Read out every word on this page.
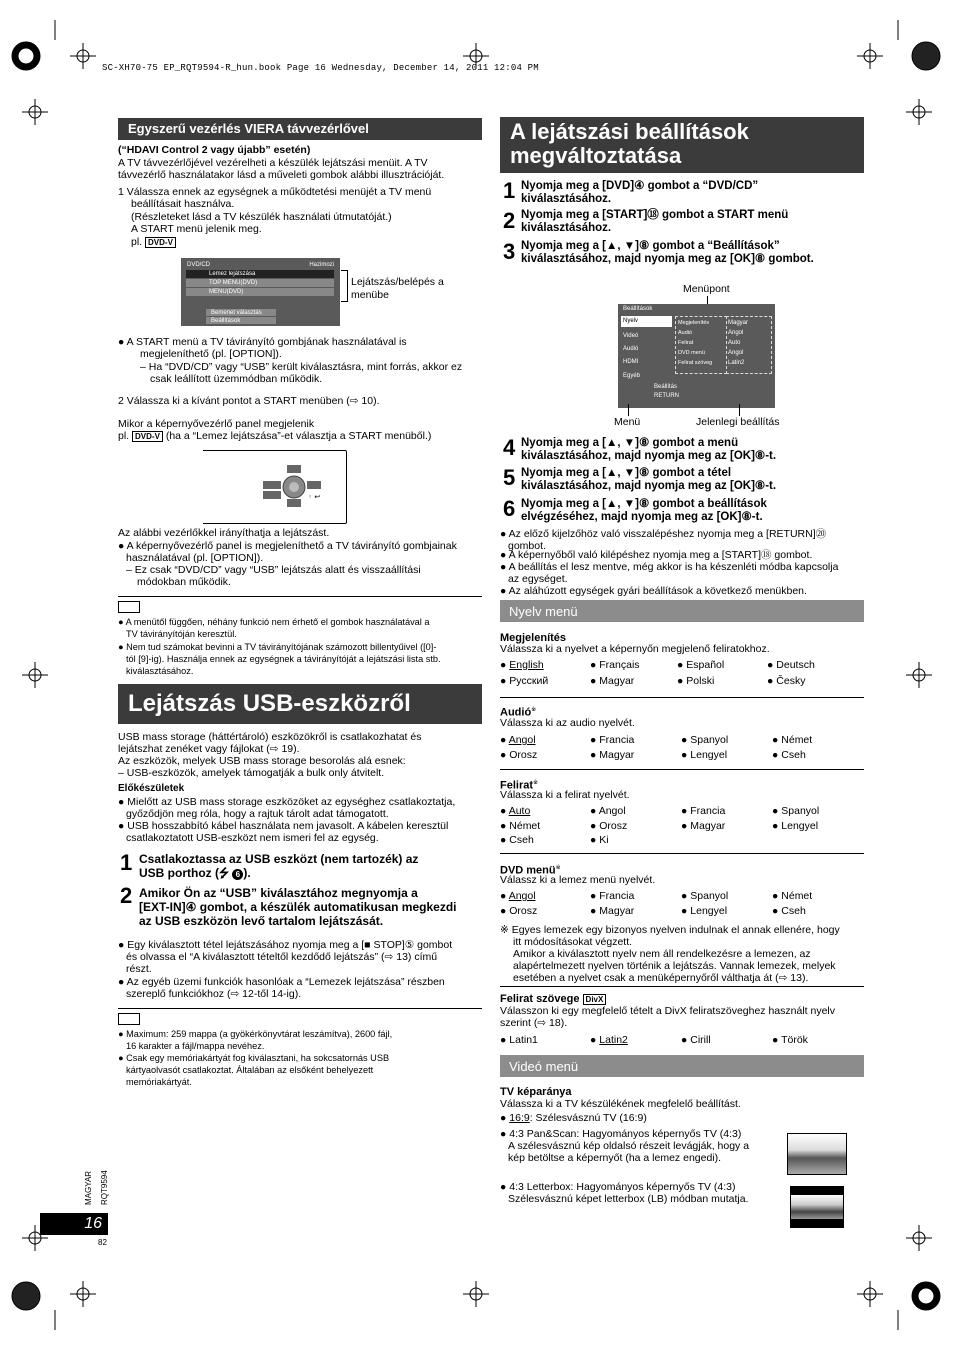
SC-XH70-75 EP_RQT9594-R_hun.book Page 16 Wednesday, December 14, 2011 12:04 PM
Egyszerű vezérlés VIERA távvezérlővel
(“HDAVI Control 2 vagy újabb” esetén)
A TV távvezérlőjével vezérelheti a készülék lejátszási menüit. A TV
távvezérlő használatakor lásd a műveleti gombok alábbi illusztrációját.
1 Válassza ennek az egységnek a működtetési menüjét a TV menü
beállításait használva.
(Részleteket lásd a TV készülék használati útmutatóját.)
A START menü jelenik meg.
pl. DVD-V
DVD/CD	Hazimozi
Lemez lejátszása
TOP MENU(DVD)
MENU(DVD)
Bemenet választás
Beállítások
Lejátszás/belépés a
menübe
● A START menü a TV távirányító gombjának használatával is
megjeleníthető (pl. [OPTION]).
– Ha “DVD/CD” vagy “USB” került kiválasztásra, mint forrás, akkor ez
csak leállított üzemmódban működik.
2 Válassza ki a kívánt pontot a START menüben (⇨ 10).
Mikor a képernyővezérlő panel megjelenik
pl. DVD-V (ha a “Lemez lejátszása”-et választja a START menüből.)
◦ ↩
Az alábbi vezérlőkkel irányíthatja a lejátszást.
● A képernyővezérlő panel is megjeleníthető a TV távirányító gombjainak
használatával (pl. [OPTION]).
– Ez csak “DVD/CD” vagy “USB” lejátszás alatt és visszaállítási
módokban működik.
● A menütől függően, néhány funkció nem érhető el gombok használatával a
TV távirányítóján keresztül.
● Nem tud számokat bevinni a TV távirányítójának számozott billentyűivel ([0]-
tól [9]-ig). Használja ennek az egységnek a távirányítóját a lejátszási lista stb.
kiválasztásához.
Lejátszás USB-eszközről
USB mass storage (háttértároló) eszközökről is csatlakozhatat és
lejátszhat zenéket vagy fájlokat (⇨ 19).
Az eszközök, melyek USB mass storage besorolás alá esnek:
– USB-eszközök, amelyek támogatják a bulk only átvitelt.
Előkészületek
● Mielőtt az USB mass storage eszközöket az egységhez csatlakoztatja,
győződjön meg róla, hogy a rajtuk tárolt adat támogatott.
● USB hosszabbító kábel használata nem javasolt. A kábelen keresztül
csatlakoztatott USB-eszközt nem ismeri fel az egység.
1 Csatlakoztassa az USB eszközt (nem tartozék) az
USB porthoz (⭍ 6 ).
2 Amikor Ön az “USB” kiválasztához megnyomja a
[EXT-IN]④ gombot, a készülék automatikusan megkezdi
az USB eszközön levő tartalom lejátszását.
● Egy kiválasztott tétel lejátszásához nyomja meg a [■ STOP]⑤ gombot
és olvassa el “A kiválasztott tételtől kezdődő lejátszás” (⇨ 13) című
részt.
● Az egyéb üzemi funkciók hasonlóak a “Lemezek lejátszása” részben
szereplő funkciókhoz (⇨ 12-től 14-ig).
● Maximum: 259 mappa (a gyökérkönyvtárat leszámítva), 2600 fájl,
16 karakter a fájl/mappa nevéhez.
● Csak egy memóriakártyát fog kiválasztani, ha sokcsatornás USB
kártyaolvasót csatlakoztat. Általában az elsőként behelyezett
memóriakártyát.
MAGYAR RQT9594
16
82
A lejátszási beállítások
megváltoztatása
1 Nyomja meg a [DVD]④ gombot a “DVD/CD”
kiválasztásához.
2 Nyomja meg a [START]⑱ gombot a START menü
kiválasztásához.
3 Nyomja meg a [▲, ▼]⑧ gombot a “Beállítások”
kiválasztásához, majd nyomja meg az [OK]⑧ gombot.
Menüpont
Beállítások
Nyelv
Videó
Audió
HDMI
Egyéb
Megjelenítés
Audió
Felirat
DVD menü
Felirat szöveg
Magyar
Angol
Auto
Angol
Latin2
Beállítás
RETURN
Menü	Jelenlegi beállítás
4 Nyomja meg a [▲, ▼]⑧ gombot a menü
kiválasztásához, majd nyomja meg az [OK]⑧-t.
5 Nyomja meg a [▲, ▼]⑧ gombot a tétel
kiválasztásához, majd nyomja meg az [OK]⑧-t.
6 Nyomja meg a [▲, ▼]⑧ gombot a beállítások
elvégzéséhez, majd nyomja meg az [OK]⑧-t.
● Az előző kijelzőhöz való visszalépéshez nyomja meg a [RETURN]⑳
gombot.
● A képernyőből való kilépéshez nyomja meg a [START]⑱ gombot.
● A beállítás el lesz mentve, még akkor is ha készenléti módba kapcsolja
az egységet.
● Az aláhúzott egységek gyári beállítások a következő menükben.
Nyelv menü
Megjelenítés
Válassza ki a nyelvet a képernyőn megjelenő feliratokhoz.
● English	● Français	● Español	● Deutsch
● Русский	● Magyar	● Polski	● Česky
Audió※
Válassza ki az audio nyelvét.
● Angol	● Francia	● Spanyol	● Német
● Orosz	● Magyar	● Lengyel	● Cseh
Felirat※
Válassza ki a felirat nyelvét.
● Auto	● Angol	● Francia	● Spanyol
● Német	● Orosz	● Magyar	● Lengyel
● Cseh	● Ki
DVD menü※
Válassz ki a lemez menü nyelvét.
● Angol	● Francia	● Spanyol	● Német
● Orosz	● Magyar	● Lengyel	● Cseh
※ Egyes lemezek egy bizonyos nyelven indulnak el annak ellenére, hogy
itt módosításokat végzett.
Amikor a kiválasztott nyelv nem áll rendelkezésre a lemezen, az
alapértelmezett nyelven történik a lejátszás. Vannak lemezek, melyek
esetében a nyelvet csak a menüképernyőről válthatja át (⇨ 13).
Felirat szövege DivX
Válasszon ki egy megfelelő tételt a DivX feliratszöveghez használt nyelv
szerint (⇨ 18).
● Latin1	● Latin2	● Cirill	● Török
Videó menü
TV képaránya
Válassza ki a TV készülékének megfelelő beállítást.
● 16:9: Szélesvásznú TV (16:9)
● 4:3 Pan&Scan: Hagyományos képernyős TV (4:3)
A szélesvásznú kép oldalsó részeit levágják, hogy a
kép betöltse a képernyőt (ha a lemez engedi).
● 4:3 Letterbox: Hagyományos képernyős TV (4:3)
Szélesvásznú képet letterbox (LB) módban mutatja.
